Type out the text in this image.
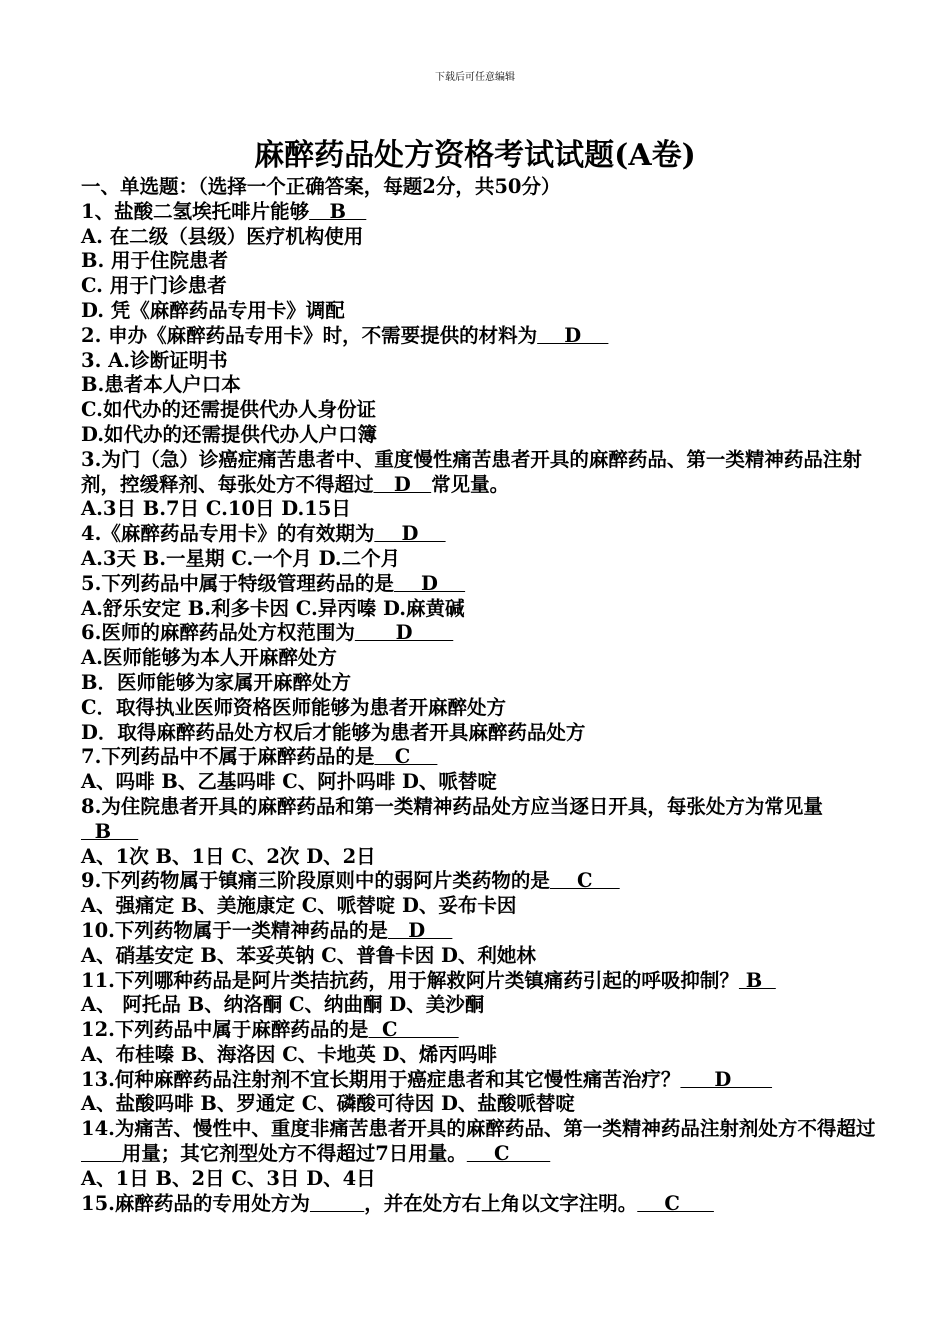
下载后可任意编辑
麻醉药品处方资格考试试题(A卷)
一、单选题：（选择一个正确答案，每题2分，共50分）
1、盐酸二氢埃托啡片能够   B
A. 在二级（县级）医疗机构使用
B. 用于住院患者
C. 用于门诊患者
D. 凭《麻醉药品专用卡》调配
2. 申办《麻醉药品专用卡》时，不需要提供的材料为    D
3. A.诊断证明书
B.患者本人户口本
C.如代办的还需提供代办人身份证
D.如代办的还需提供代办人户口簿
3.为门（急）诊癌症痛苦患者中、重度慢性痛苦患者开具的麻醉药品、第一类精神药品注射剂，控缓释剂、每张处方不得超过   D   常见量。
A.3日 B.7日 C.10日 D.15日
4.《麻醉药品专用卡》的有效期为    D
A.3天 B.一星期 C.一个月 D.二个月
5.下列药品中属于特级管理药品的是    D
A.舒乐安定 B.利多卡因 C.异丙嗪 D.麻黄碱
6.医师的麻醉药品处方权范围为      D
A.医师能够为本人开麻醉处方
B．医师能够为家属开麻醉处方
C．取得执业医师资格医师能够为患者开麻醉处方
D．取得麻醉药品处方权后才能够为患者开具麻醉药品处方
7.下列药品中不属于麻醉药品的是   C
A、吗啡 B、乙基吗啡 C、阿扑吗啡 D、哌替啶
8.为住院患者开具的麻醉药品和第一类精神药品处方应当逐日开具，每张处方为常见量  B
A、1次 B、1日 C、2次 D、2日
9.下列药物属于镇痛三阶段原则中的弱阿片类药物的是    C
A、强痛定 B、美施康定 C、哌替啶 D、妥布卡因
10.下列药物属于一类精神药品的是   D
A、硝基安定 B、苯妥英钠 C、普鲁卡因 D、利她林
11.下列哪种药品是阿片类拮抗药，用于解救阿片类镇痛药引起的呼吸抑制？ B
A、 阿托品 B、纳洛酮 C、纳曲酮 D、美沙酮
12.下列药品中属于麻醉药品的是  C
A、布桂嗪 B、海洛因 C、卡地英 D、烯丙吗啡
13.何种麻醉药品注射剂不宜长期用于癌症患者和其它慢性痛苦治疗？     D
A、盐酸吗啡 B、罗通定 C、磷酸可待因 D、盐酸哌替啶
14.为痛苦、慢性中、重度非痛苦患者开具的麻醉药品、第一类精神药品注射剂处方不得超过      用量；其它剂型处方不得超过7日用量。    C
A、1日 B、2日 C、3日 D、4日
15.麻醉药品的专用处方为	，并在处方右上角以文字注明。    C
